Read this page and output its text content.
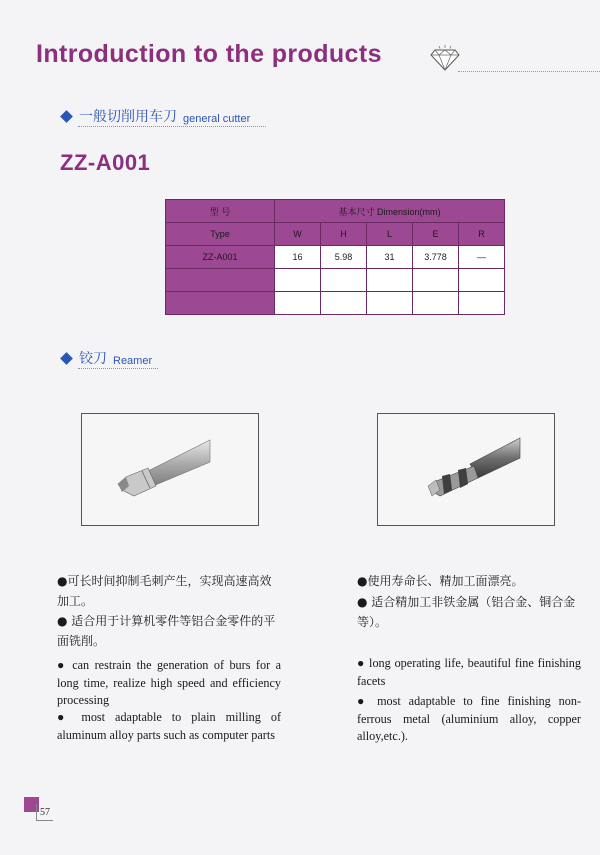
Introduction to the products
一般切削用车刀 general cutter
ZZ-A001
型 号	基本尺寸 Dimension(mm)				
Type	W	H	L	E	R
ZZ-A001	16	5.98	31	3.778	—

铰刀 Reamer
●可长时间抑制毛刺产生，实现高速高效加工。
● 适合用于计算机零件等铝合金零件的平面铣削。
● can restrain the generation of burs for a long time, realize high speed and efficiency processing
● most adaptable to plain milling of aluminum alloy parts such as computer parts
●使用寿命长、精加工面漂亮。
● 适合精加工非铁金属（铝合金、铜合金等）。
● long operating life, beautiful fine finishing facets
● most adaptable to fine finishing non-ferrous metal (aluminium alloy, copper alloy,etc.).
57
